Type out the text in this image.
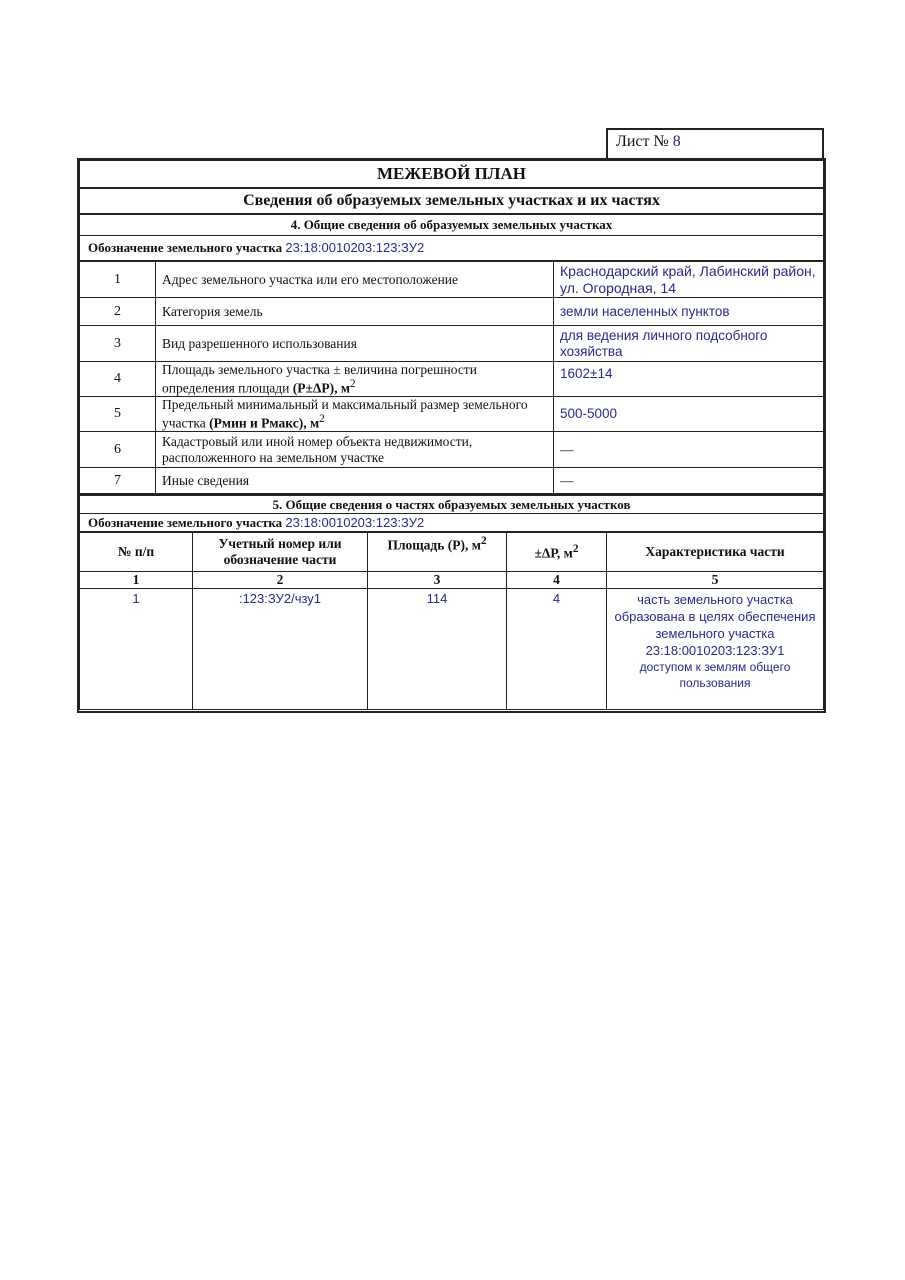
Лист № 8
МЕЖЕВОЙ ПЛАН
Сведения об образуемых земельных участках и их частях
4. Общие сведения об образуемых земельных участках
Обозначение земельного участка 23:18:0010203:123:ЗУ2
1	Адрес земельного участка или его местоположение	Краснодарский край, Лабинский район, ул. Огородная, 14
2	Категория земель	земли населенных пунктов
3	Вид разрешенного использования	для ведения личного подсобного хозяйства
4	Площадь земельного участка ± величина погрешности определения площади (Р±ΔР), $м^2$	1602±14
5	Предельный минимальный и максимальный размер земельного участка (Рмин и Рмакс), $м^2$	500-5000
6	Кадастровый или иной номер объекта недвижимости, расположенного на земельном участке	—
7	Иные сведения	—
5. Общие сведения о частях образуемых земельных участков
Обозначение земельного участка 23:18:0010203:123:ЗУ2
№ п/п	Учетный номер или обозначение части	Площадь (Р), $м^2$	±ΔР, $м^2$	Характеристика части
1	2	3	4	5
1	:123:ЗУ2/чзу1	114	4	часть земельного участка образована в целях обеспечения земельного участка
23:18:0010203:123:ЗУ1
доступом к землям общего пользования
